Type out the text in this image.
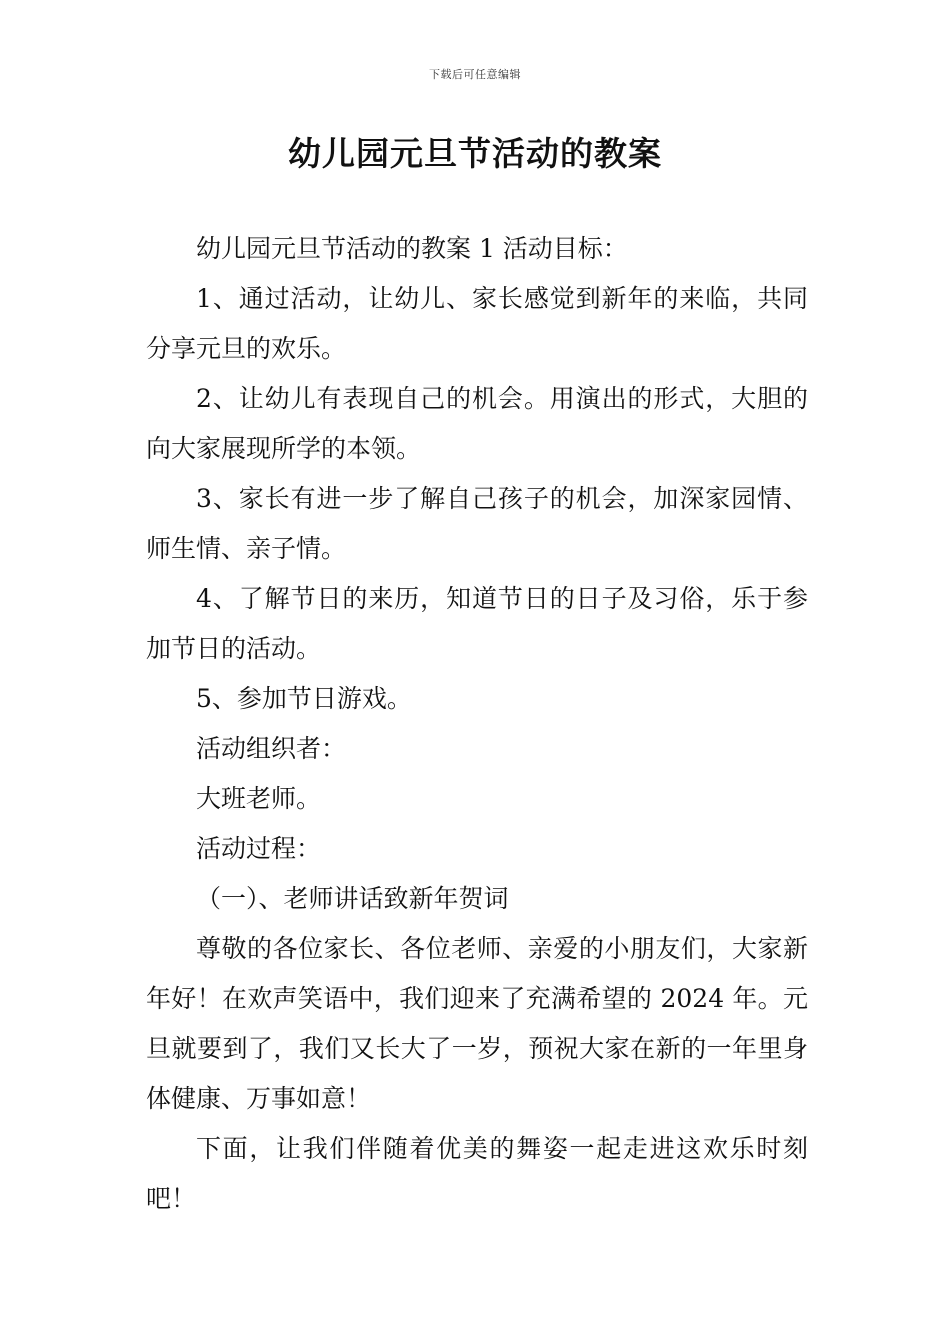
下载后可任意编辑
幼儿园元旦节活动的教案

幼儿园元旦节活动的教案 1 活动目标：

1、通过活动，让幼儿、家长感觉到新年的来临，共同分享元旦的欢乐。

2、让幼儿有表现自己的机会。用演出的形式，大胆的向大家展现所学的本领。

3、家长有进一步了解自己孩子的机会，加深家园情、师生情、亲子情。

4、了解节日的来历，知道节日的日子及习俗，乐于参加节日的活动。

5、参加节日游戏。

活动组织者：

大班老师。

活动过程：

（一）、老师讲话致新年贺词

尊敬的各位家长、各位老师、亲爱的小朋友们，大家新年好！在欢声笑语中，我们迎来了充满希望的 2024 年。元旦就要到了，我们又长大了一岁，预祝大家在新的一年里身体健康、万事如意！

下面，让我们伴随着优美的舞姿一起走进这欢乐时刻吧！
